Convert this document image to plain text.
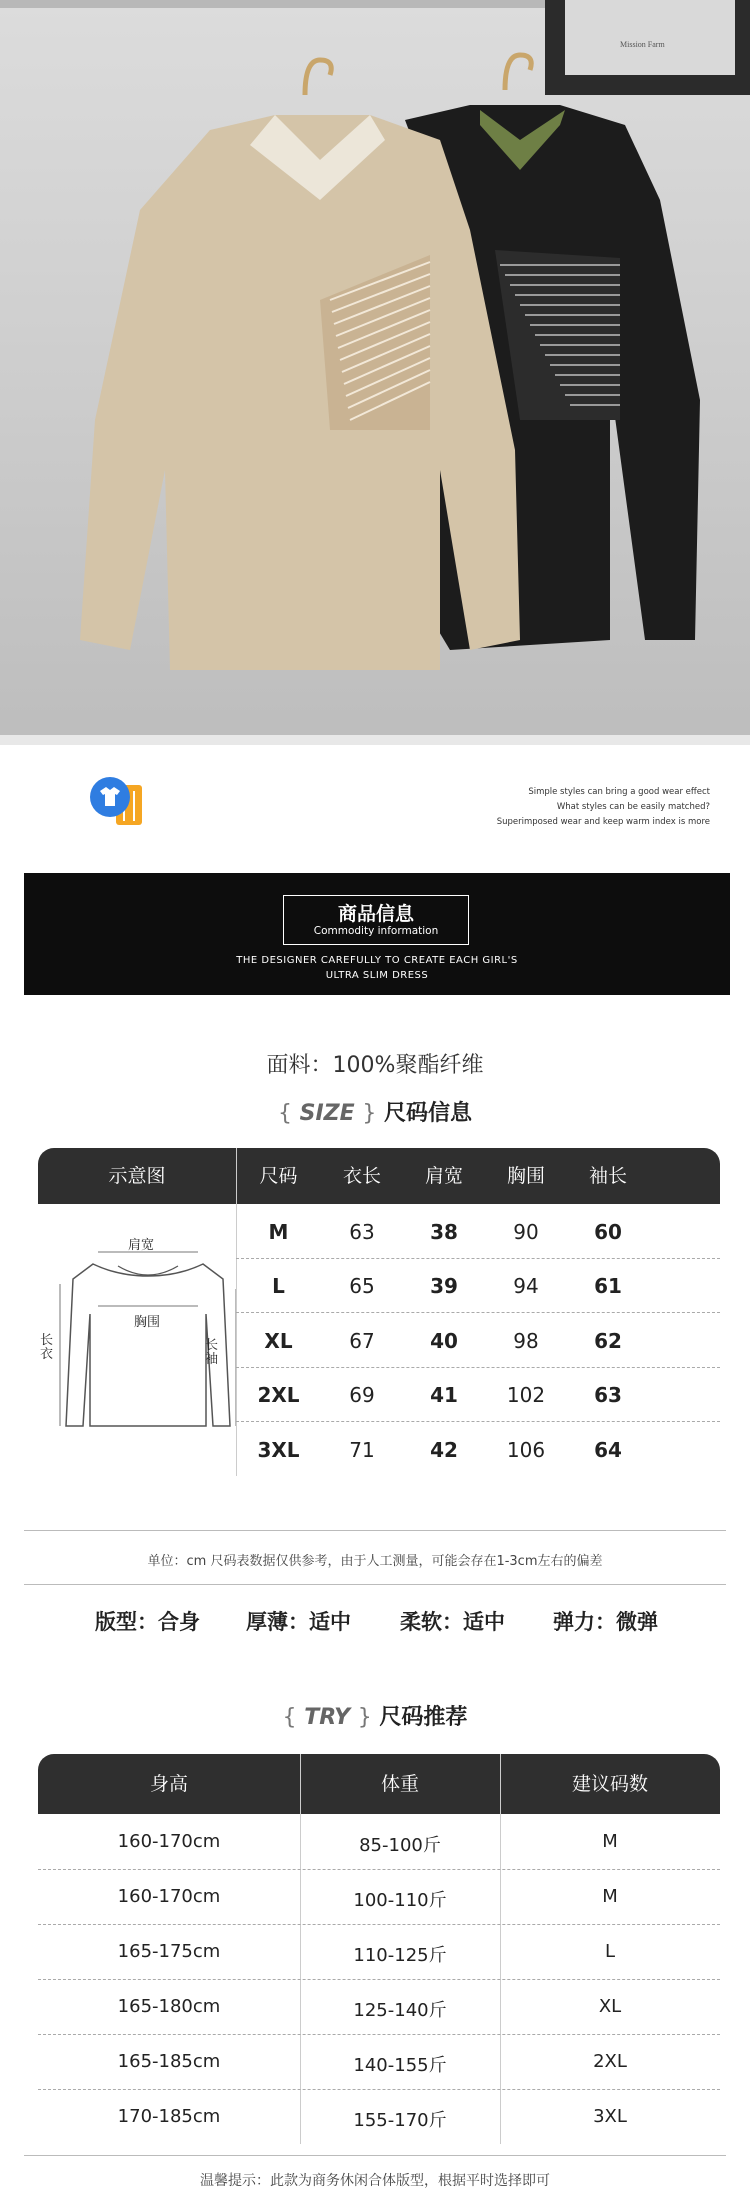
Mission Farm
Simple styles can bring a good wear effect
What styles can be easily matched?
Superimposed wear and keep warm index is more
商品信息
Commodity information
THE DESIGNER CAREFULLY TO CREATE EACH GIRL'S
ULTRA SLIM DRESS
面料：100%聚酯纤维
{ SIZE } 尺码信息
示意图	尺码	衣长	肩宽	胸围	袖长
肩宽
胸围
长衣
长袖
M	63	38	90	60
L	65	39	94	61
XL	67	40	98	62
2XL	69	41	102	63
3XL	71	42	106	64
单位：cm 尺码表数据仅供参考，由于人工测量，可能会存在1-3cm左右的偏差
版型：合身 厚薄：适中 柔软：适中 弹力：微弹
{ TRY } 尺码推荐
身高	体重	建议码数
160-170cm	85-100斤	M
160-170cm	100-110斤	M
165-175cm	110-125斤	L
165-180cm	125-140斤	XL
165-185cm	140-155斤	2XL
170-185cm	155-170斤	3XL
温馨提示：此款为商务休闲合体版型，根据平时选择即可
